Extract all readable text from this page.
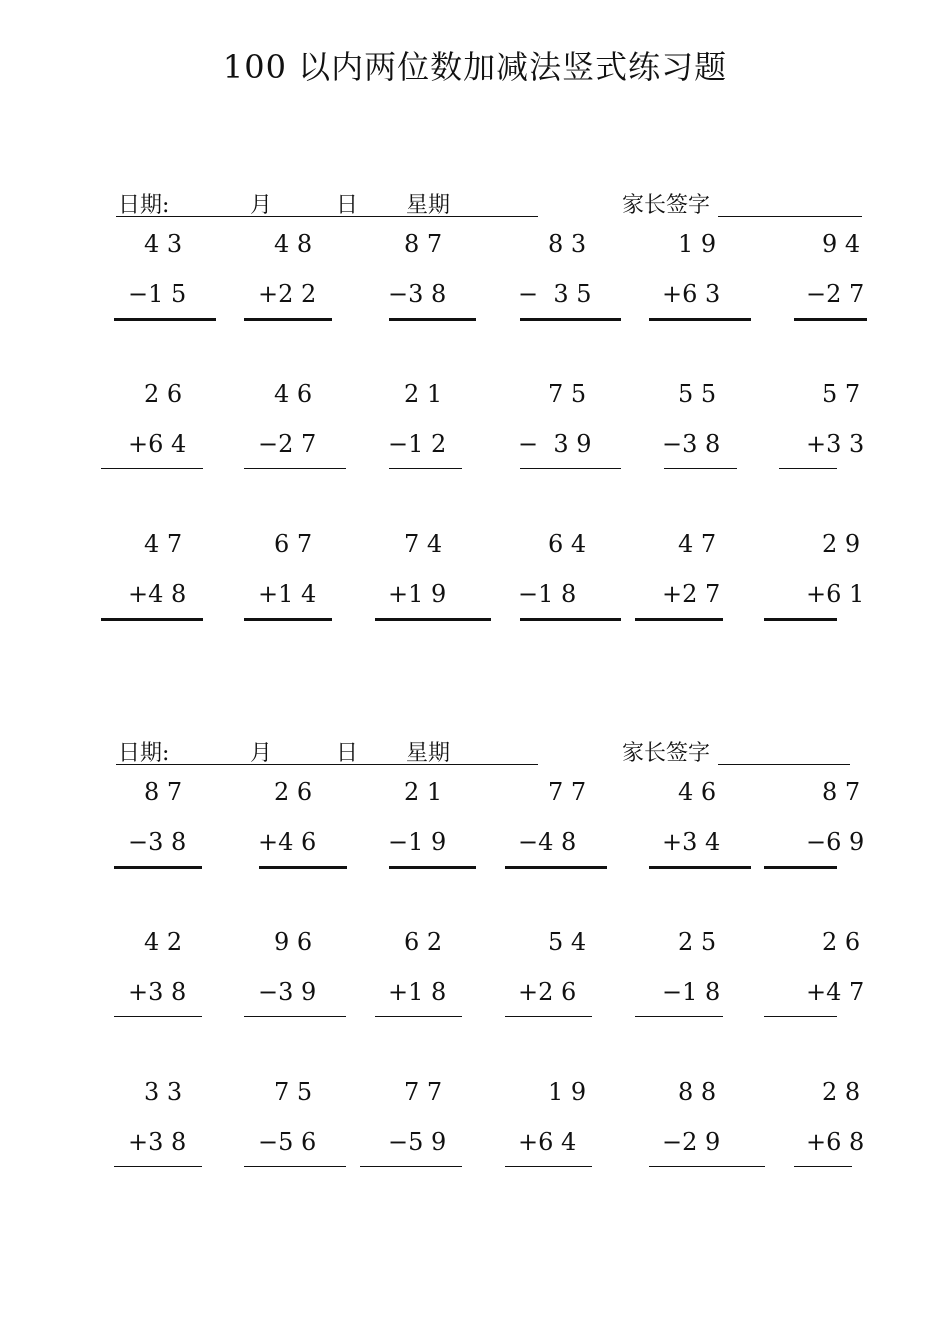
100 以内两位数加减法竖式练习题
日期:	月	日 星期	家长签字
日期:	月	日 星期	家长签字
4 3
−1 5
4 8
+2 2
8 7
−3 8
8 3
−  3 5
1 9
+6 3
9 4
−2 7
2 6
+6 4
4 6
−2 7
2 1
−1 2
7 5
−  3 9
5 5
−3 8
5 7
+3 3
4 7
+4 8
6 7
+1 4
7 4
+1 9
6 4
−1 8
4 7
+2 7
2 9
+6 1
8 7
−3 8
2 6
+4 6
2 1
−1 9
7 7
−4 8
4 6
+3 4
8 7
−6 9
4 2
+3 8
9 6
−3 9
6 2
+1 8
5 4
+2 6
2 5
−1 8
2 6
+4 7
3 3
+3 8
7 5
−5 6
7 7
−5 9
1 9
+6 4
8 8
−2 9
2 8
+6 8
